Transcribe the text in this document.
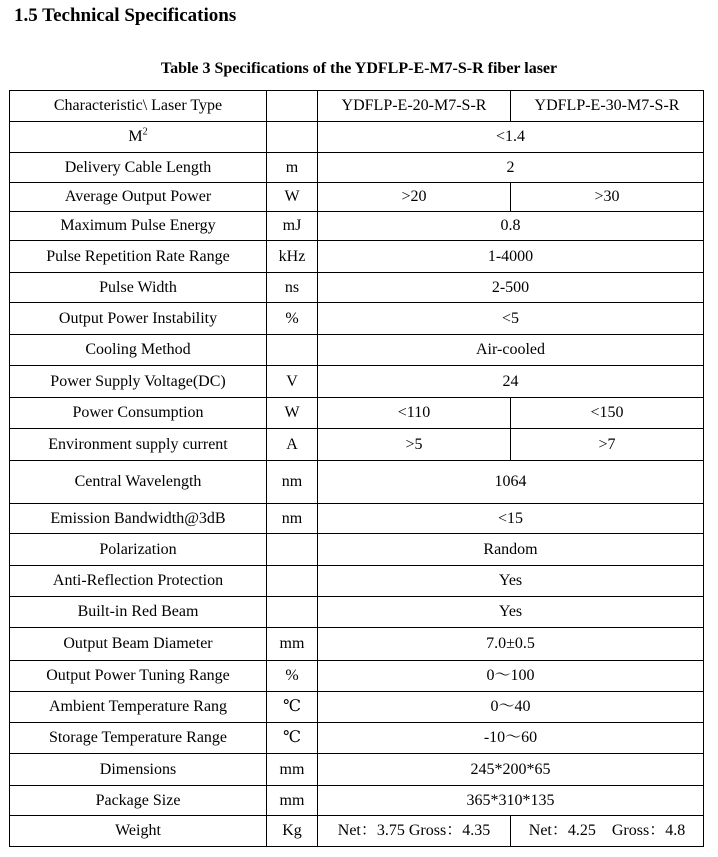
1.5 Technical Specifications
Table 3 Specifications of the YDFLP-E-M7-S-R fiber laser
Characteristic\ Laser Type		YDFLP-E-20-M7-S-R	YDFLP-E-30-M7-S-R
$M^2$		<1.4	
Delivery Cable Length	m	2	
Average Output Power	W	>20	>30
Maximum Pulse Energy	mJ	0.8	
Pulse Repetition Rate Range	kHz	1-4000	
Pulse Width	ns	2-500	
Output Power Instability	%	<5	
Cooling Method		Air-cooled	
Power Supply Voltage(DC)	V	24	
Power Consumption	W	<110	<150
Environment supply current	A	>5	>7
Central Wavelength	nm	1064	
Emission Bandwidth@3dB	nm	<15	
Polarization		Random	
Anti-Reflection Protection		Yes	
Built-in Red Beam		Yes	
Output Beam Diameter	mm	7.0±0.5	
Output Power Tuning Range	%	0～100	
Ambient Temperature Rang	℃	0～40	
Storage Temperature Range	℃	-10～60	
Dimensions	mm	245*200*65	
Package Size	mm	365*310*135	
Weight	Kg	Net：3.75 Gross：4.35	Net：4.25　Gross：4.8
